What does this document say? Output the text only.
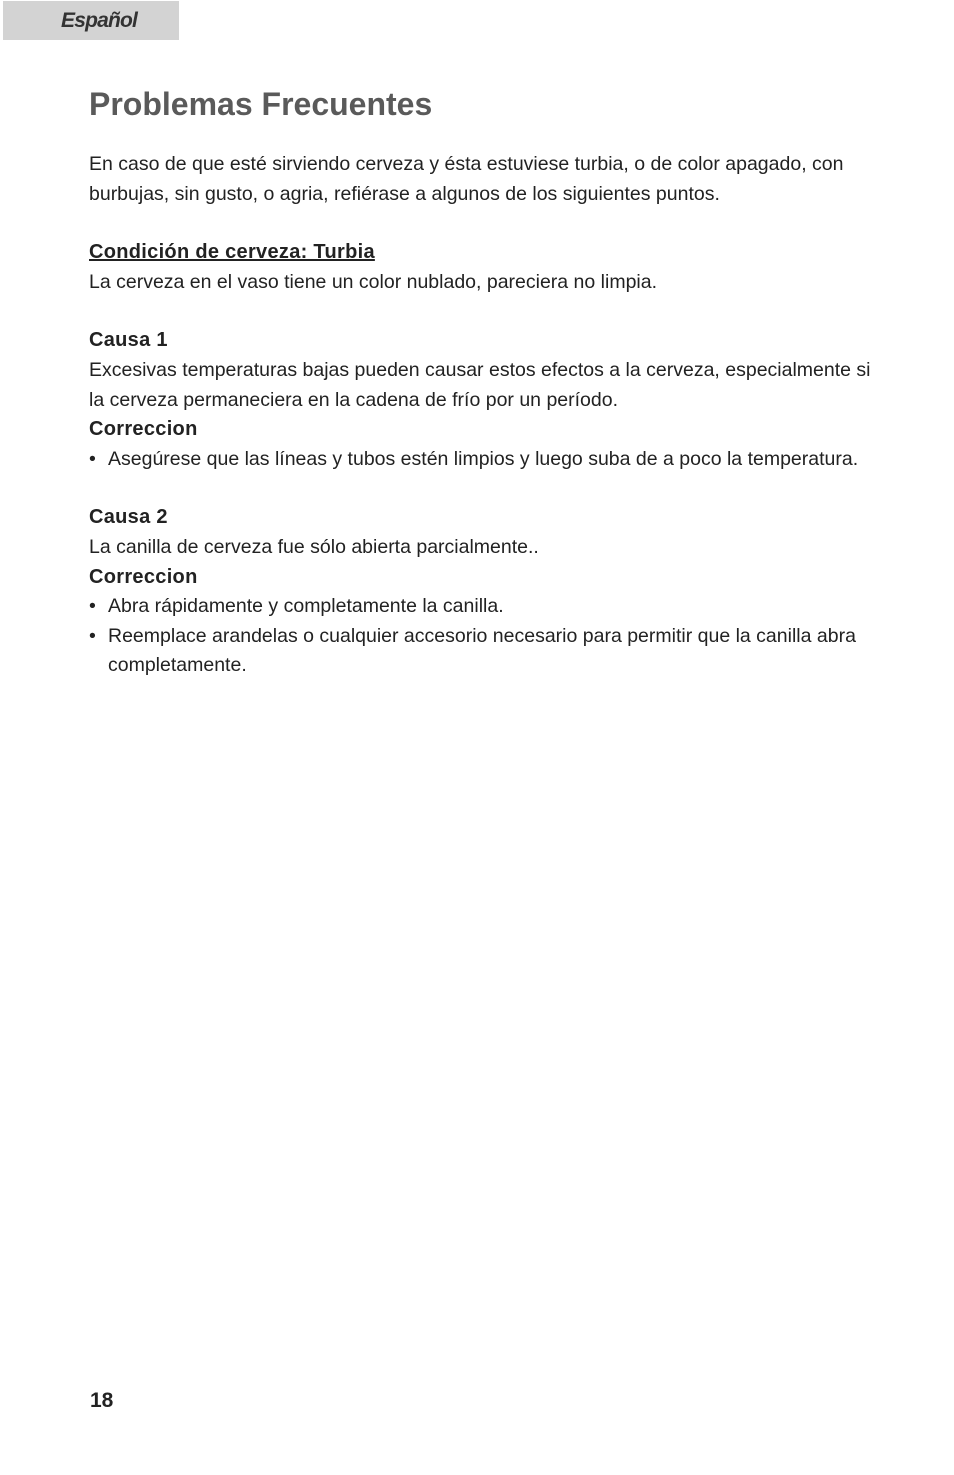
Español
Problemas Frecuentes

En caso de que esté sirviendo cerveza y ésta estuviese turbia, o de color apagado, con burbujas, sin gusto, o agria, refiérase a algunos de los siguientes puntos.

Condición de cerveza: Turbia

La cerveza en el vaso tiene un color nublado, pareciera no limpia.

Causa 1

Excesivas temperaturas bajas pueden causar estos efectos a la cerveza, especialmente si la cerveza permaneciera en la cadena de frío por un período.

Correccion
• Asegúrese que las líneas y tubos estén limpios y luego suba de a poco la temperatura.
Causa 2

La canilla de cerveza fue sólo abierta parcialmente..

Correccion
• Abra rápidamente y completamente la canilla.
• Reemplace arandelas o cualquier accesorio necesario para permitir que la canilla abra completamente.
18
